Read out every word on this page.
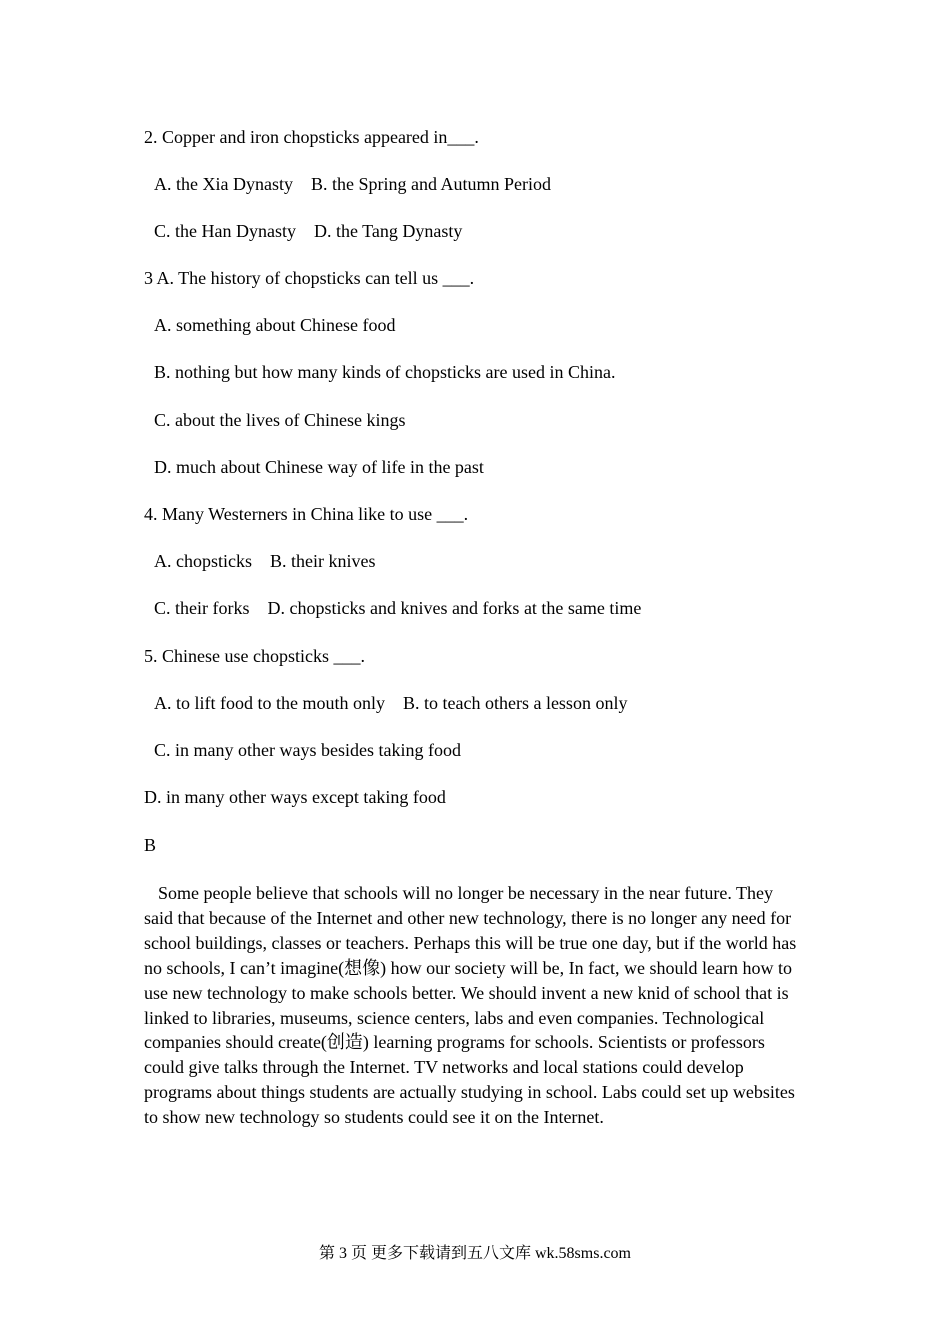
2. Copper and iron chopsticks appeared in___.
A. the Xia Dynasty    B. the Spring and Autumn Period
C. the Han Dynasty    D. the Tang Dynasty
3 A. The history of chopsticks can tell us ___.
A. something about Chinese food
B. nothing but how many kinds of chopsticks are used in China.
C. about the lives of Chinese kings
D. much about Chinese way of life in the past
4. Many Westerners in China like to use ___.
A. chopsticks    B. their knives
C. their forks    D. chopsticks and knives and forks at the same time
5. Chinese use chopsticks ___.
A. to lift food to the mouth only    B. to teach others a lesson only
C. in many other ways besides taking food
D. in many other ways except taking food
B
Some people believe that schools will no longer be necessary in the near future. They said that because of the Internet and other new technology, there is no longer any need for school buildings, classes or teachers. Perhaps this will be true one day, but if the world has no schools, I can’t imagine(想像) how our society will be, In fact, we should learn how to use new technology to make schools better. We should invent a new knid of school that is linked to libraries, museums, science centers, labs and even companies. Technological companies should create(创造) learning programs for schools. Scientists or professors could give talks through the Internet. TV networks and local stations could develop programs about things students are actually studying in school. Labs could set up websites to show new technology so students could see it on the Internet.
第 3 页 更多下载请到五八文库 wk.58sms.com
